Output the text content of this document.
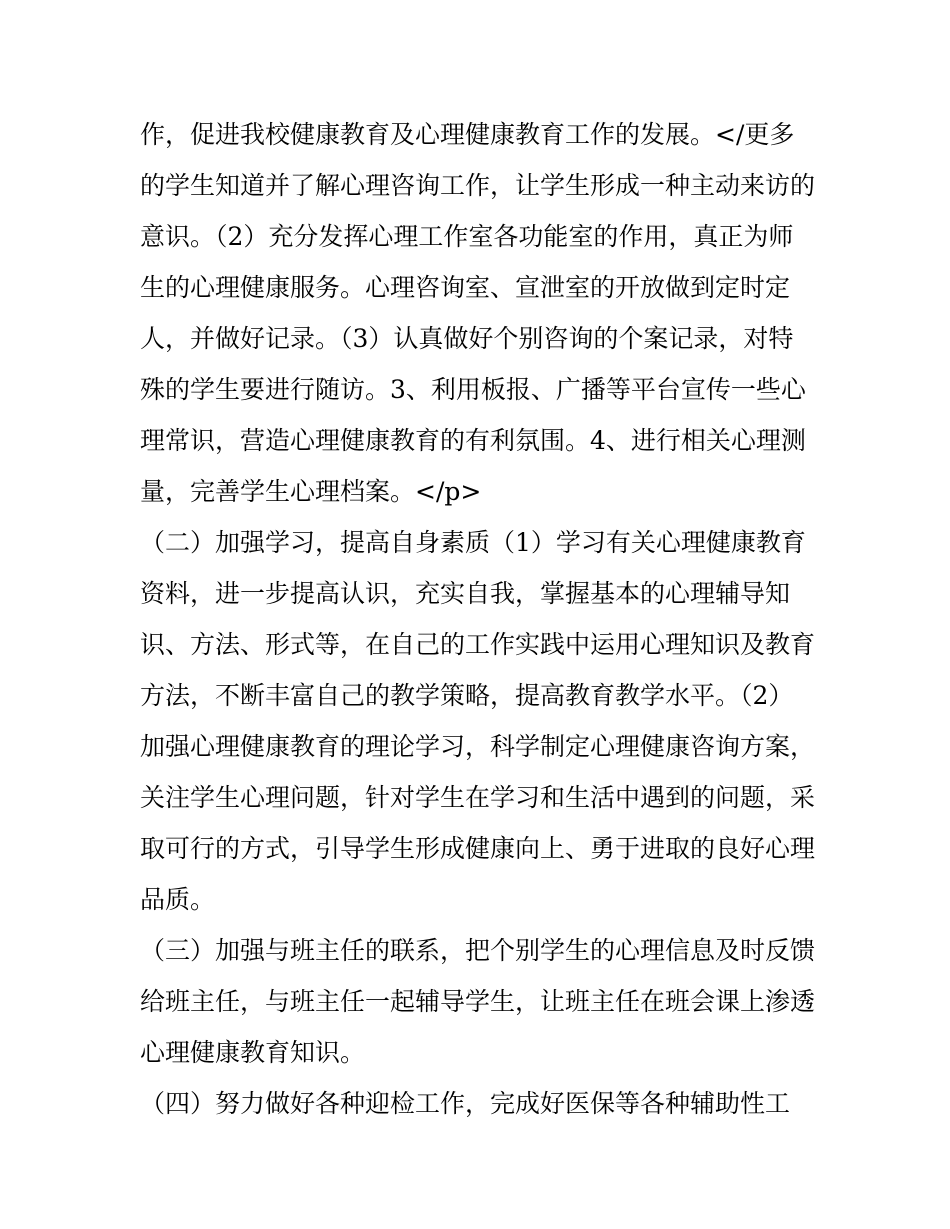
作，促进我校健康教育及心理健康教育工作的发展。</更多
的学生知道并了解心理咨询工作，让学生形成一种主动来访的
意识。（2）充分发挥心理工作室各功能室的作用，真正为师
生的心理健康服务。心理咨询室、宣泄室的开放做到定时定
人，并做好记录。（3）认真做好个别咨询的个案记录，对特
殊的学生要进行随访。3、利用板报、广播等平台宣传一些心
理常识，营造心理健康教育的有利氛围。4、进行相关心理测
量，完善学生心理档案。</p>
（二）加强学习，提高自身素质（1）学习有关心理健康教育
资料，进一步提高认识，充实自我，掌握基本的心理辅导知
识、方法、形式等，在自己的工作实践中运用心理知识及教育
方法，不断丰富自己的教学策略，提高教育教学水平。（2）
加强心理健康教育的理论学习，科学制定心理健康咨询方案，
关注学生心理问题，针对学生在学习和生活中遇到的问题，采
取可行的方式，引导学生形成健康向上、勇于进取的良好心理
品质。
（三）加强与班主任的联系，把个别学生的心理信息及时反馈
给班主任，与班主任一起辅导学生，让班主任在班会课上渗透
心理健康教育知识。
（四）努力做好各种迎检工作，完成好医保等各种辅助性工
